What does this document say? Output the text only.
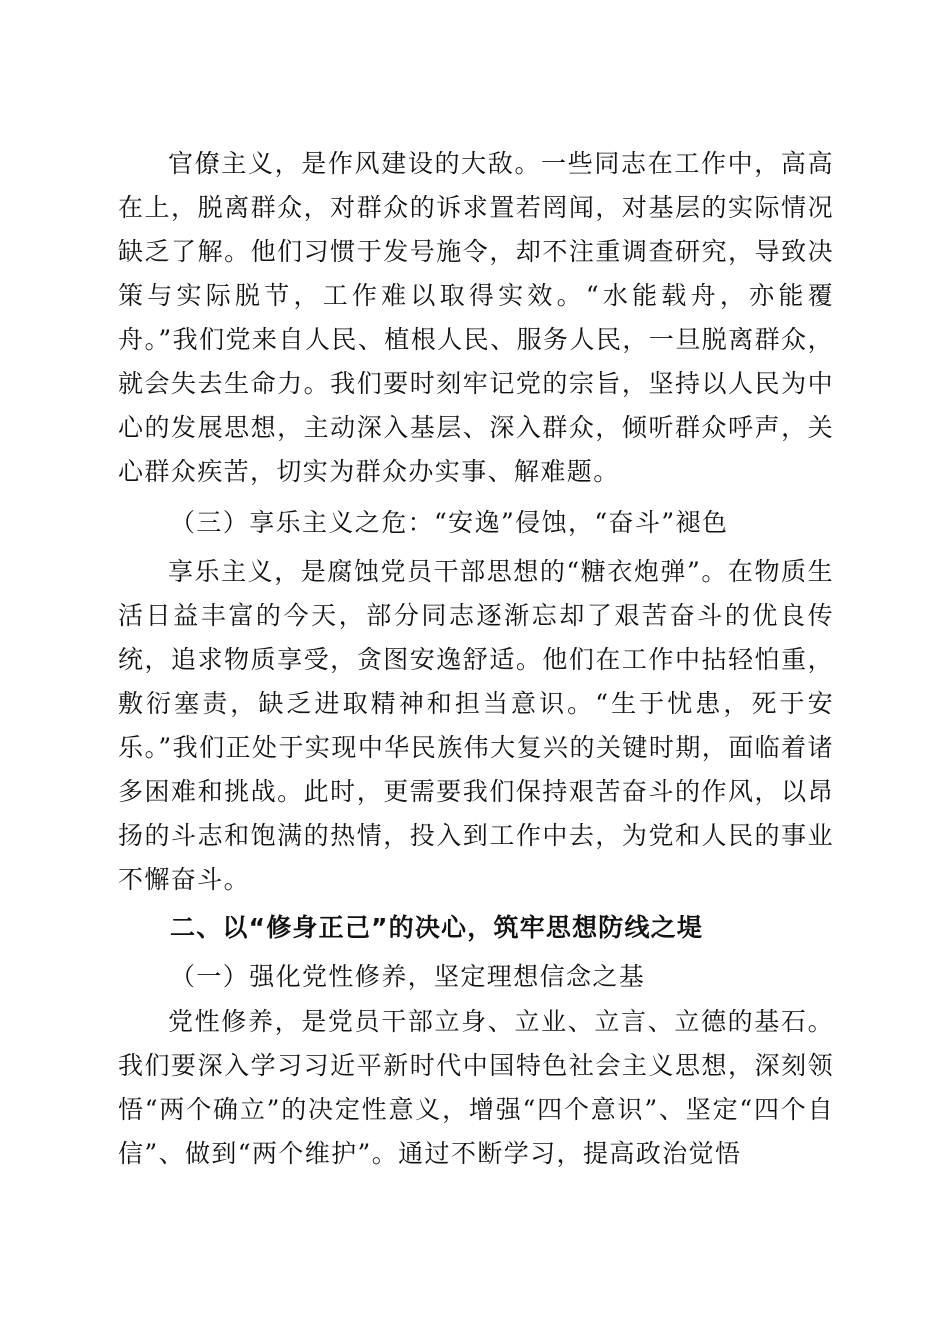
官僚主义，是作风建设的大敌。一些同志在工作中，高高在上，脱离群众，对群众的诉求置若罔闻，对基层的实际情况缺乏了解。他们习惯于发号施令，却不注重调查研究，导致决策与实际脱节，工作难以取得实效。“水能载舟，亦能覆舟。”我们党来自人民、植根人民、服务人民，一旦脱离群众，就会失去生命力。我们要时刻牢记党的宗旨，坚持以人民为中心的发展思想，主动深入基层、深入群众，倾听群众呼声，关心群众疾苦，切实为群众办实事、解难题。

（三）享乐主义之危：“安逸”侵蚀，“奋斗”褪色

享乐主义，是腐蚀党员干部思想的“糖衣炮弹”。在物质生活日益丰富的今天，部分同志逐渐忘却了艰苦奋斗的优良传统，追求物质享受，贪图安逸舒适。他们在工作中拈轻怕重，敷衍塞责，缺乏进取精神和担当意识。“生于忧患，死于安乐。”我们正处于实现中华民族伟大复兴的关键时期，面临着诸多困难和挑战。此时，更需要我们保持艰苦奋斗的作风，以昂扬的斗志和饱满的热情，投入到工作中去，为党和人民的事业不懈奋斗。

二、以“修身正己”的决心，筑牢思想防线之堤
（一）强化党性修养，坚定理想信念之基

党性修养，是党员干部立身、立业、立言、立德的基石。我们要深入学习习近平新时代中国特色社会主义思想，深刻领悟“两个确立”的决定性意义，增强“四个意识”、坚定“四个自信”、做到“两个维护”。通过不断学习，提高政治觉悟
